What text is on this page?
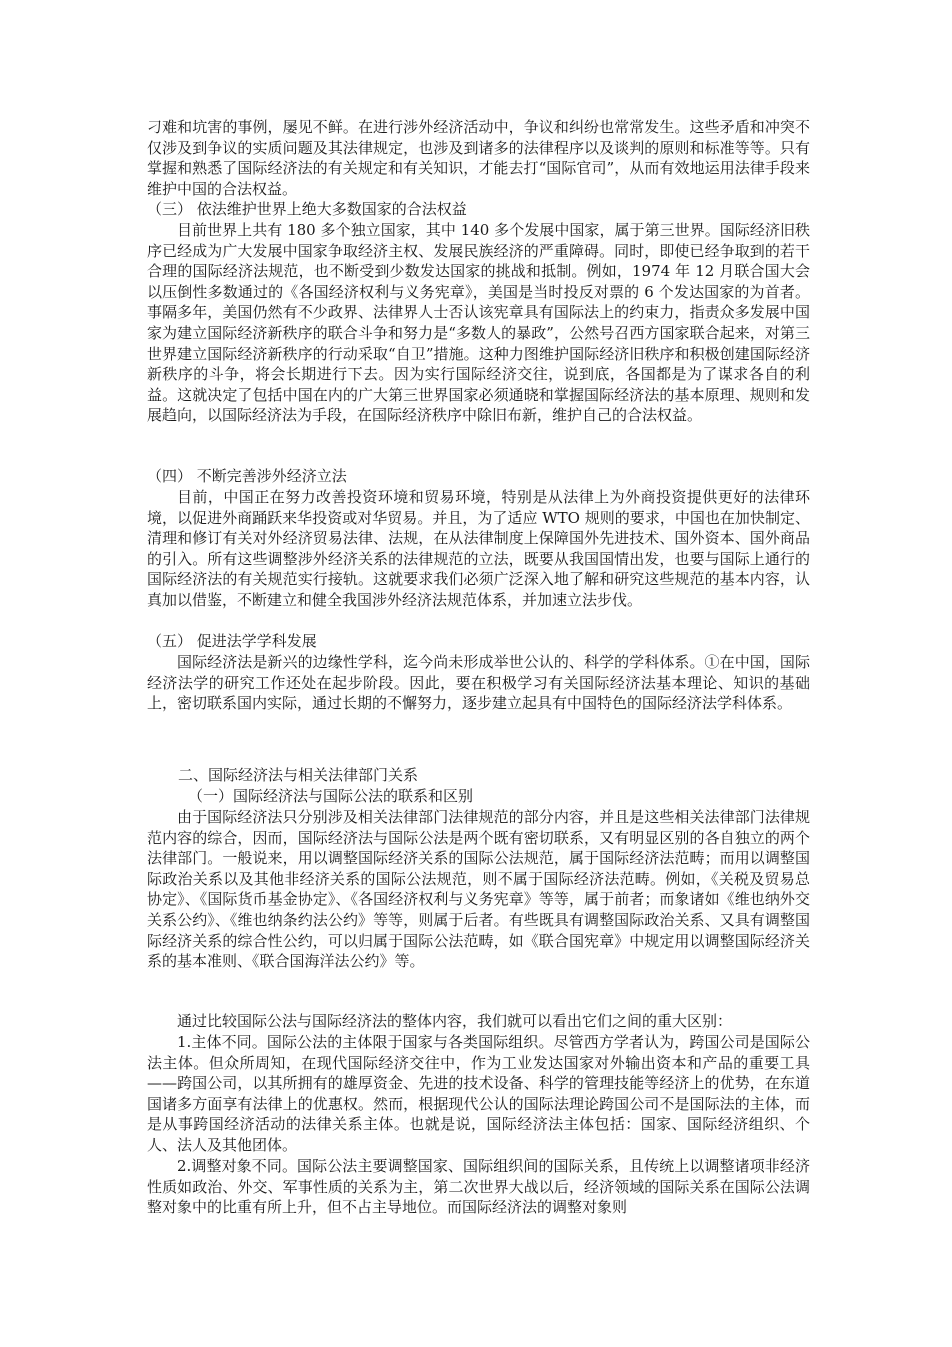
刁难和坑害的事例，屡见不鲜。在进行涉外经济活动中，争议和纠纷也常常发生。这些矛盾和冲突不仅涉及到争议的实质问题及其法律规定，也涉及到诸多的法律程序以及谈判的原则和标准等等。只有掌握和熟悉了国际经济法的有关规定和有关知识，才能去打“国际官司”，从而有效地运用法律手段来维护中国的合法权益。

（三） 依法维护世界上绝大多数国家的合法权益

目前世界上共有 180 多个独立国家，其中 140 多个发展中国家，属于第三世界。国际经济旧秩序已经成为广大发展中国家争取经济主权、发展民族经济的严重障碍。同时，即使已经争取到的若干合理的国际经济法规范，也不断受到少数发达国家的挑战和抵制。例如，1974 年 12 月联合国大会以压倒性多数通过的《各国经济权利与义务宪章》，美国是当时投反对票的 6 个发达国家的为首者。事隔多年，美国仍然有不少政界、法律界人士否认该宪章具有国际法上的约束力，指责众多发展中国家为建立国际经济新秩序的联合斗争和努力是“多数人的暴政”，公然号召西方国家联合起来，对第三世界建立国际经济新秩序的行动采取“自卫”措施。这种力图维护国际经济旧秩序和积极创建国际经济新秩序的斗争，将会长期进行下去。因为实行国际经济交往，说到底，各国都是为了谋求各自的利益。这就决定了包括中国在内的广大第三世界国家必须通晓和掌握国际经济法的基本原理、规则和发展趋向，以国际经济法为手段，在国际经济秩序中除旧布新，维护自己的合法权益。

（四） 不断完善涉外经济立法

目前，中国正在努力改善投资环境和贸易环境，特别是从法律上为外商投资提供更好的法律环境，以促进外商踊跃来华投资或对华贸易。并且，为了适应 WTO 规则的要求，中国也在加快制定、清理和修订有关对外经济贸易法律、法规，在从法律制度上保障国外先进技术、国外资本、国外商品的引入。所有这些调整涉外经济关系的法律规范的立法，既要从我国国情出发，也要与国际上通行的国际经济法的有关规范实行接轨。这就要求我们必须广泛深入地了解和研究这些规范的基本内容，认真加以借鉴，不断建立和健全我国涉外经济法规范体系，并加速立法步伐。

（五） 促进法学学科发展

国际经济法是新兴的边缘性学科，迄今尚未形成举世公认的、科学的学科体系。①在中国，国际经济法学的研究工作还处在起步阶段。因此，要在积极学习有关国际经济法基本理论、知识的基础上，密切联系国内实际，通过长期的不懈努力，逐步建立起具有中国特色的国际经济法学科体系。

二、国际经济法与相关法律部门关系

（一）国际经济法与国际公法的联系和区别

由于国际经济法只分别涉及相关法律部门法律规范的部分内容，并且是这些相关法律部门法律规范内容的综合，因而，国际经济法与国际公法是两个既有密切联系，又有明显区别的各自独立的两个法律部门。一般说来，用以调整国际经济关系的国际公法规范，属于国际经济法范畴；而用以调整国际政治关系以及其他非经济关系的国际公法规范，则不属于国际经济法范畴。例如，《关税及贸易总协定》、《国际货币基金协定》、《各国经济权利与义务宪章》等等，属于前者；而象诸如《维也纳外交关系公约》、《维也纳条约法公约》等等，则属于后者。有些既具有调整国际政治关系、又具有调整国际经济关系的综合性公约，可以归属于国际公法范畴，如《联合国宪章》中规定用以调整国际经济关系的基本准则、《联合国海洋法公约》等。

通过比较国际公法与国际经济法的整体内容，我们就可以看出它们之间的重大区别：

1.主体不同。国际公法的主体限于国家与各类国际组织。尽管西方学者认为，跨国公司是国际公法主体。但众所周知，在现代国际经济交往中，作为工业发达国家对外输出资本和产品的重要工具——跨国公司，以其所拥有的雄厚资金、先进的技术设备、科学的管理技能等经济上的优势，在东道国诸多方面享有法律上的优惠权。然而，根据现代公认的国际法理论跨国公司不是国际法的主体，而是从事跨国经济活动的法律关系主体。也就是说，国际经济法主体包括：国家、国际经济组织、个人、法人及其他团体。

2.调整对象不同。国际公法主要调整国家、国际组织间的国际关系，且传统上以调整诸项非经济性质如政治、外交、军事性质的关系为主，第二次世界大战以后，经济领域的国际关系在国际公法调整对象中的比重有所上升，但不占主导地位。而国际经济法的调整对象则
